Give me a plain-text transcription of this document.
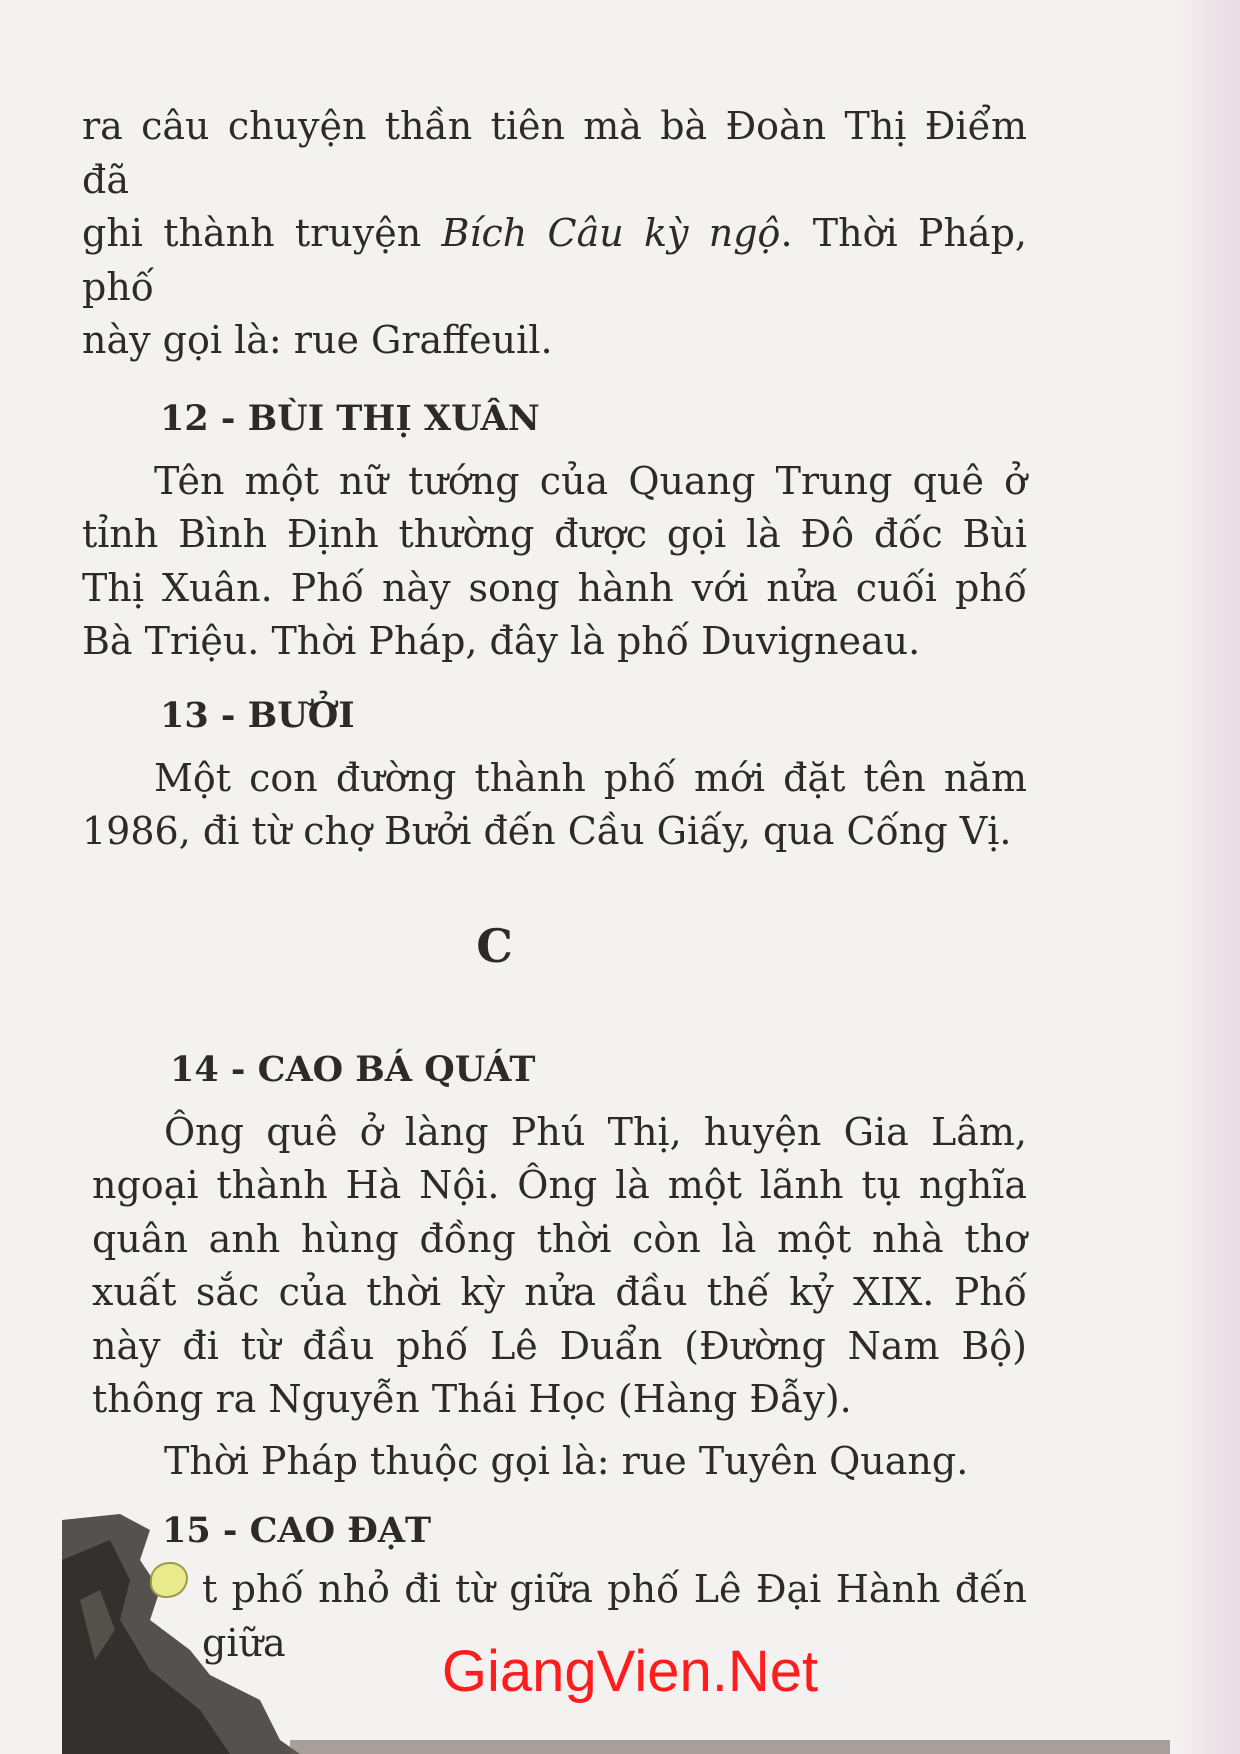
ra câu chuyện thần tiên mà bà Đoàn Thị Điểm đã
ghi thành truyện Bích Câu kỳ ngộ. Thời Pháp, phố
này gọi là: rue Graffeuil.

12 - BÙI THỊ XUÂN

Tên một nữ tướng của Quang Trung quê ở tỉnh Bình Định thường được gọi là Đô đốc Bùi Thị Xuân. Phố này song hành với nửa cuối phố Bà Triệu. Thời Pháp, đây là phố Duvigneau.

13 - BƯỞI

Một con đường thành phố mới đặt tên năm 1986, đi từ chợ Bưởi đến Cầu Giấy, qua Cống Vị.

C

14 - CAO BÁ QUÁT

Ông quê ở làng Phú Thị, huyện Gia Lâm, ngoại thành Hà Nội. Ông là một lãnh tụ nghĩa quân anh hùng đồng thời còn là một nhà thơ xuất sắc của thời kỳ nửa đầu thế kỷ XIX. Phố này đi từ đầu phố Lê Duẩn (Đường Nam Bộ) thông ra Nguyễn Thái Học (Hàng Đẫy).

Thời Pháp thuộc gọi là: rue Tuyên Quang.

15 - CAO ĐẠT

t phố nhỏ đi từ giữa phố Lê Đại Hành đến giữa	GiangVien.Net
